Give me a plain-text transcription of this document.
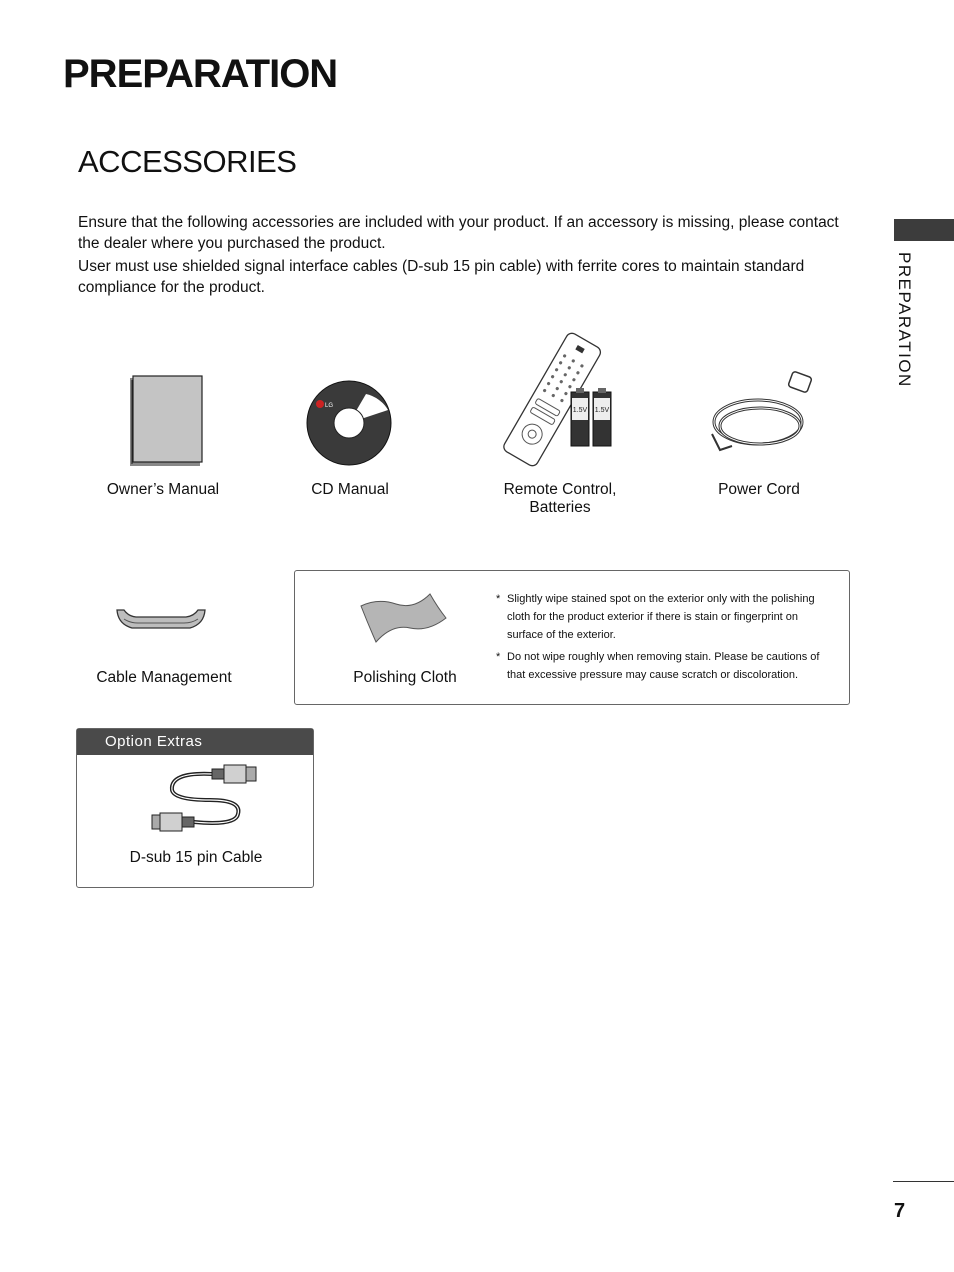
PREPARATION
ACCESSORIES
PREPARATION

Ensure that the following accessories are included with your product. If an accessory is missing, please contact the dealer where you purchased the product.

User must use shielded signal interface cables (D-sub 15 pin cable) with ferrite cores to maintain standard compliance for the product.

Owner’s Manual
LG
CD Manual
1.5V 1.5V
Remote Control,
Batteries
Power Cord
Cable Management	Polishing Cloth
* Slightly wipe stained spot on the exterior only with the polishing cloth for the product exterior if there is stain or fingerprint on surface of the exterior.
* Do not wipe roughly when removing stain. Please be cautions of that excessive pressure may cause scratch or discoloration.
Option Extras
D-sub 15 pin Cable
7
